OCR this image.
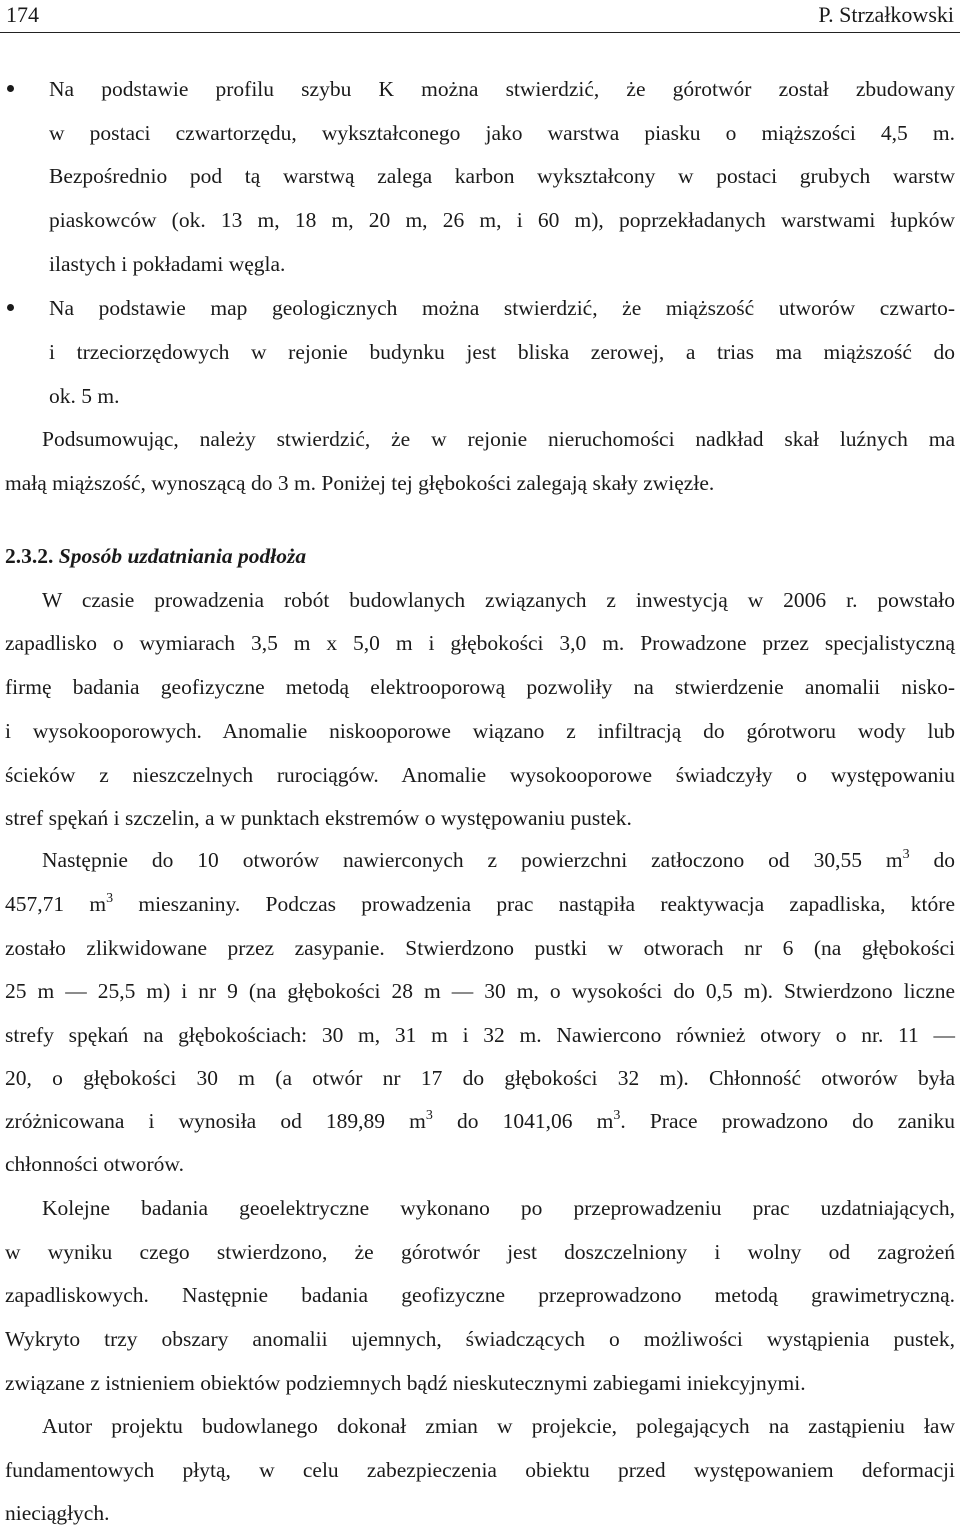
174	P. Strzałkowski
Na podstawie profilu szybu K można stwierdzić, że górotwór został zbudowany
w postaci czwartorzędu, wykształconego jako warstwa piasku o miąższości 4,5 m.
Bezpośrednio pod tą warstwą zalega karbon wykształcony w postaci grubych warstw
piaskowców (ok. 13 m, 18 m, 20 m, 26 m, i 60 m), poprzekładanych warstwami łupków
ilastych i pokładami węgla.
Na podstawie map geologicznych można stwierdzić, że miąższość utworów czwarto-
i trzeciorzędowych w rejonie budynku jest bliska zerowej, a trias ma miąższość do
ok. 5 m.
Podsumowując, należy stwierdzić, że w rejonie nieruchomości nadkład skał luźnych ma
małą miąższość, wynoszącą do 3 m. Poniżej tej głębokości zalegają skały zwięzłe.
2.3.2. Sposób uzdatniania podłoża
W czasie prowadzenia robót budowlanych związanych z inwestycją w 2006 r. powstało
zapadlisko o wymiarach 3,5 m x 5,0 m i głębokości 3,0 m. Prowadzone przez specjalistyczną
firmę badania geofizyczne metodą elektrooporową pozwoliły na stwierdzenie anomalii nisko-
i wysokooporowych. Anomalie niskooporowe wiązano z infiltracją do górotworu wody lub
ścieków z nieszczelnych rurociągów. Anomalie wysokooporowe świadczyły o występowaniu
stref spękań i szczelin, a w punktach ekstremów o występowaniu pustek.
Następnie do 10 otworów nawierconych z powierzchni zatłoczono od 30,55 $m^3$ do
457,71 $m^3$ mieszaniny. Podczas prowadzenia prac nastąpiła reaktywacja zapadliska, które
zostało zlikwidowane przez zasypanie. Stwierdzono pustki w otworach nr 6 (na głębokości
25 m — 25,5 m) i nr 9 (na głębokości 28 m — 30 m, o wysokości do 0,5 m). Stwierdzono liczne
strefy spękań na głębokościach: 30 m, 31 m i 32 m. Nawiercono również otwory o nr. 11 —
20, o głębokości 30 m (a otwór nr 17 do głębokości 32 m). Chłonność otworów była
zróżnicowana i wynosiła od 189,89 $m^3$ do 1041,06 $m^3$. Prace prowadzono do zaniku
chłonności otworów.
Kolejne badania geoelektryczne wykonano po przeprowadzeniu prac uzdatniających,
w wyniku czego stwierdzono, że górotwór jest doszczelniony i wolny od zagrożeń
zapadliskowych. Następnie badania geofizyczne przeprowadzono metodą grawimetryczną.
Wykryto trzy obszary anomalii ujemnych, świadczących o możliwości wystąpienia pustek,
związane z istnieniem obiektów podziemnych bądź nieskutecznymi zabiegami iniekcyjnymi.
Autor projektu budowlanego dokonał zmian w projekcie, polegających na zastąpieniu ław
fundamentowych płytą, w celu zabezpieczenia obiektu przed występowaniem deformacji
nieciągłych.
